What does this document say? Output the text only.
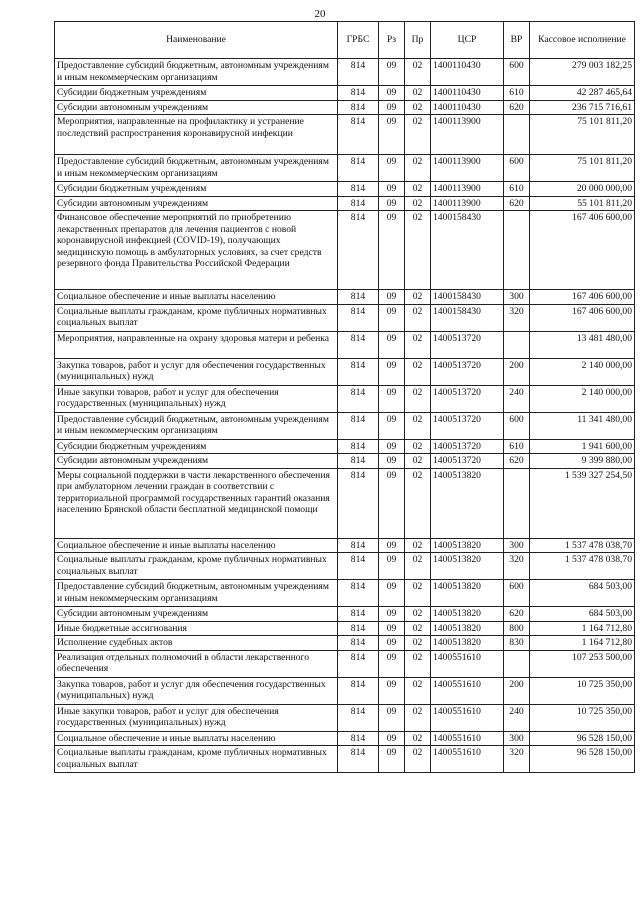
20
Наименование	ГРБС	Рз	Пр	ЦСР	ВР	Кассовое исполнение
Предоставление субсидий бюджетным, автономным учреждениям и иным некоммерческим организациям	814	09	02	1400110430	600	279 003 182,25
Субсидии бюджетным учреждениям	814	09	02	1400110430	610	42 287 465,64
Субсидии автономным учреждениям	814	09	02	1400110430	620	236 715 716,61
Мероприятия, направленные на профилактику и устранение последствий распространения коронавирусной инфекции	814	09	02	1400113900		75 101 811,20
Предоставление субсидий бюджетным, автономным учреждениям и иным некоммерческим организациям	814	09	02	1400113900	600	75 101 811,20
Субсидии бюджетным учреждениям	814	09	02	1400113900	610	20 000 000,00
Субсидии автономным учреждениям	814	09	02	1400113900	620	55 101 811,20
Финансовое обеспечение мероприятий по приобретению лекарственных препаратов для лечения пациентов с новой коронавирусной инфекцией (COVID-19), получающих медицинскую помощь в амбулаторных условиях, за счет средств резервного фонда Правительства Российской Федерации	814	09	02	1400158430		167 406 600,00
Социальное обеспечение и иные выплаты населению	814	09	02	1400158430	300	167 406 600,00
Социальные выплаты гражданам, кроме публичных нормативных социальных выплат	814	09	02	1400158430	320	167 406 600,00
Мероприятия, направленные на охрану здоровья матери и ребенка	814	09	02	1400513720		13 481 480,00
Закупка товаров, работ и услуг для обеспечения государственных (муниципальных) нужд	814	09	02	1400513720	200	2 140 000,00
Иные закупки товаров, работ и услуг для обеспечения государственных (муниципальных) нужд	814	09	02	1400513720	240	2 140 000,00
Предоставление субсидий бюджетным, автономным учреждениям и иным некоммерческим организациям	814	09	02	1400513720	600	11 341 480,00
Субсидии бюджетным учреждениям	814	09	02	1400513720	610	1 941 600,00
Субсидии автономным учреждениям	814	09	02	1400513720	620	9 399 880,00
Меры социальной поддержки в части лекарственного обеспечения при амбулаторном лечении граждан в соответствии с территориальной программой государственных гарантий оказания населению Брянской области бесплатной медицинской помощи	814	09	02	1400513820		1 539 327 254,50
Социальное обеспечение и иные выплаты населению	814	09	02	1400513820	300	1 537 478 038,70
Социальные выплаты гражданам, кроме публичных нормативных социальных выплат	814	09	02	1400513820	320	1 537 478 038,70
Предоставление субсидий бюджетным, автономным учреждениям и иным некоммерческим организациям	814	09	02	1400513820	600	684 503,00
Субсидии автономным учреждениям	814	09	02	1400513820	620	684 503,00
Иные бюджетные ассигнования	814	09	02	1400513820	800	1 164 712,80
Исполнение судебных актов	814	09	02	1400513820	830	1 164 712,80
Реализация отдельных полномочий в области лекарственного обеспечения	814	09	02	1400551610		107 253 500,00
Закупка товаров, работ и услуг для обеспечения государственных (муниципальных) нужд	814	09	02	1400551610	200	10 725 350,00
Иные закупки товаров, работ и услуг для обеспечения государственных (муниципальных) нужд	814	09	02	1400551610	240	10 725 350,00
Социальное обеспечение и иные выплаты населению	814	09	02	1400551610	300	96 528 150,00
Социальные выплаты гражданам, кроме публичных нормативных социальных выплат	814	09	02	1400551610	320	96 528 150,00
